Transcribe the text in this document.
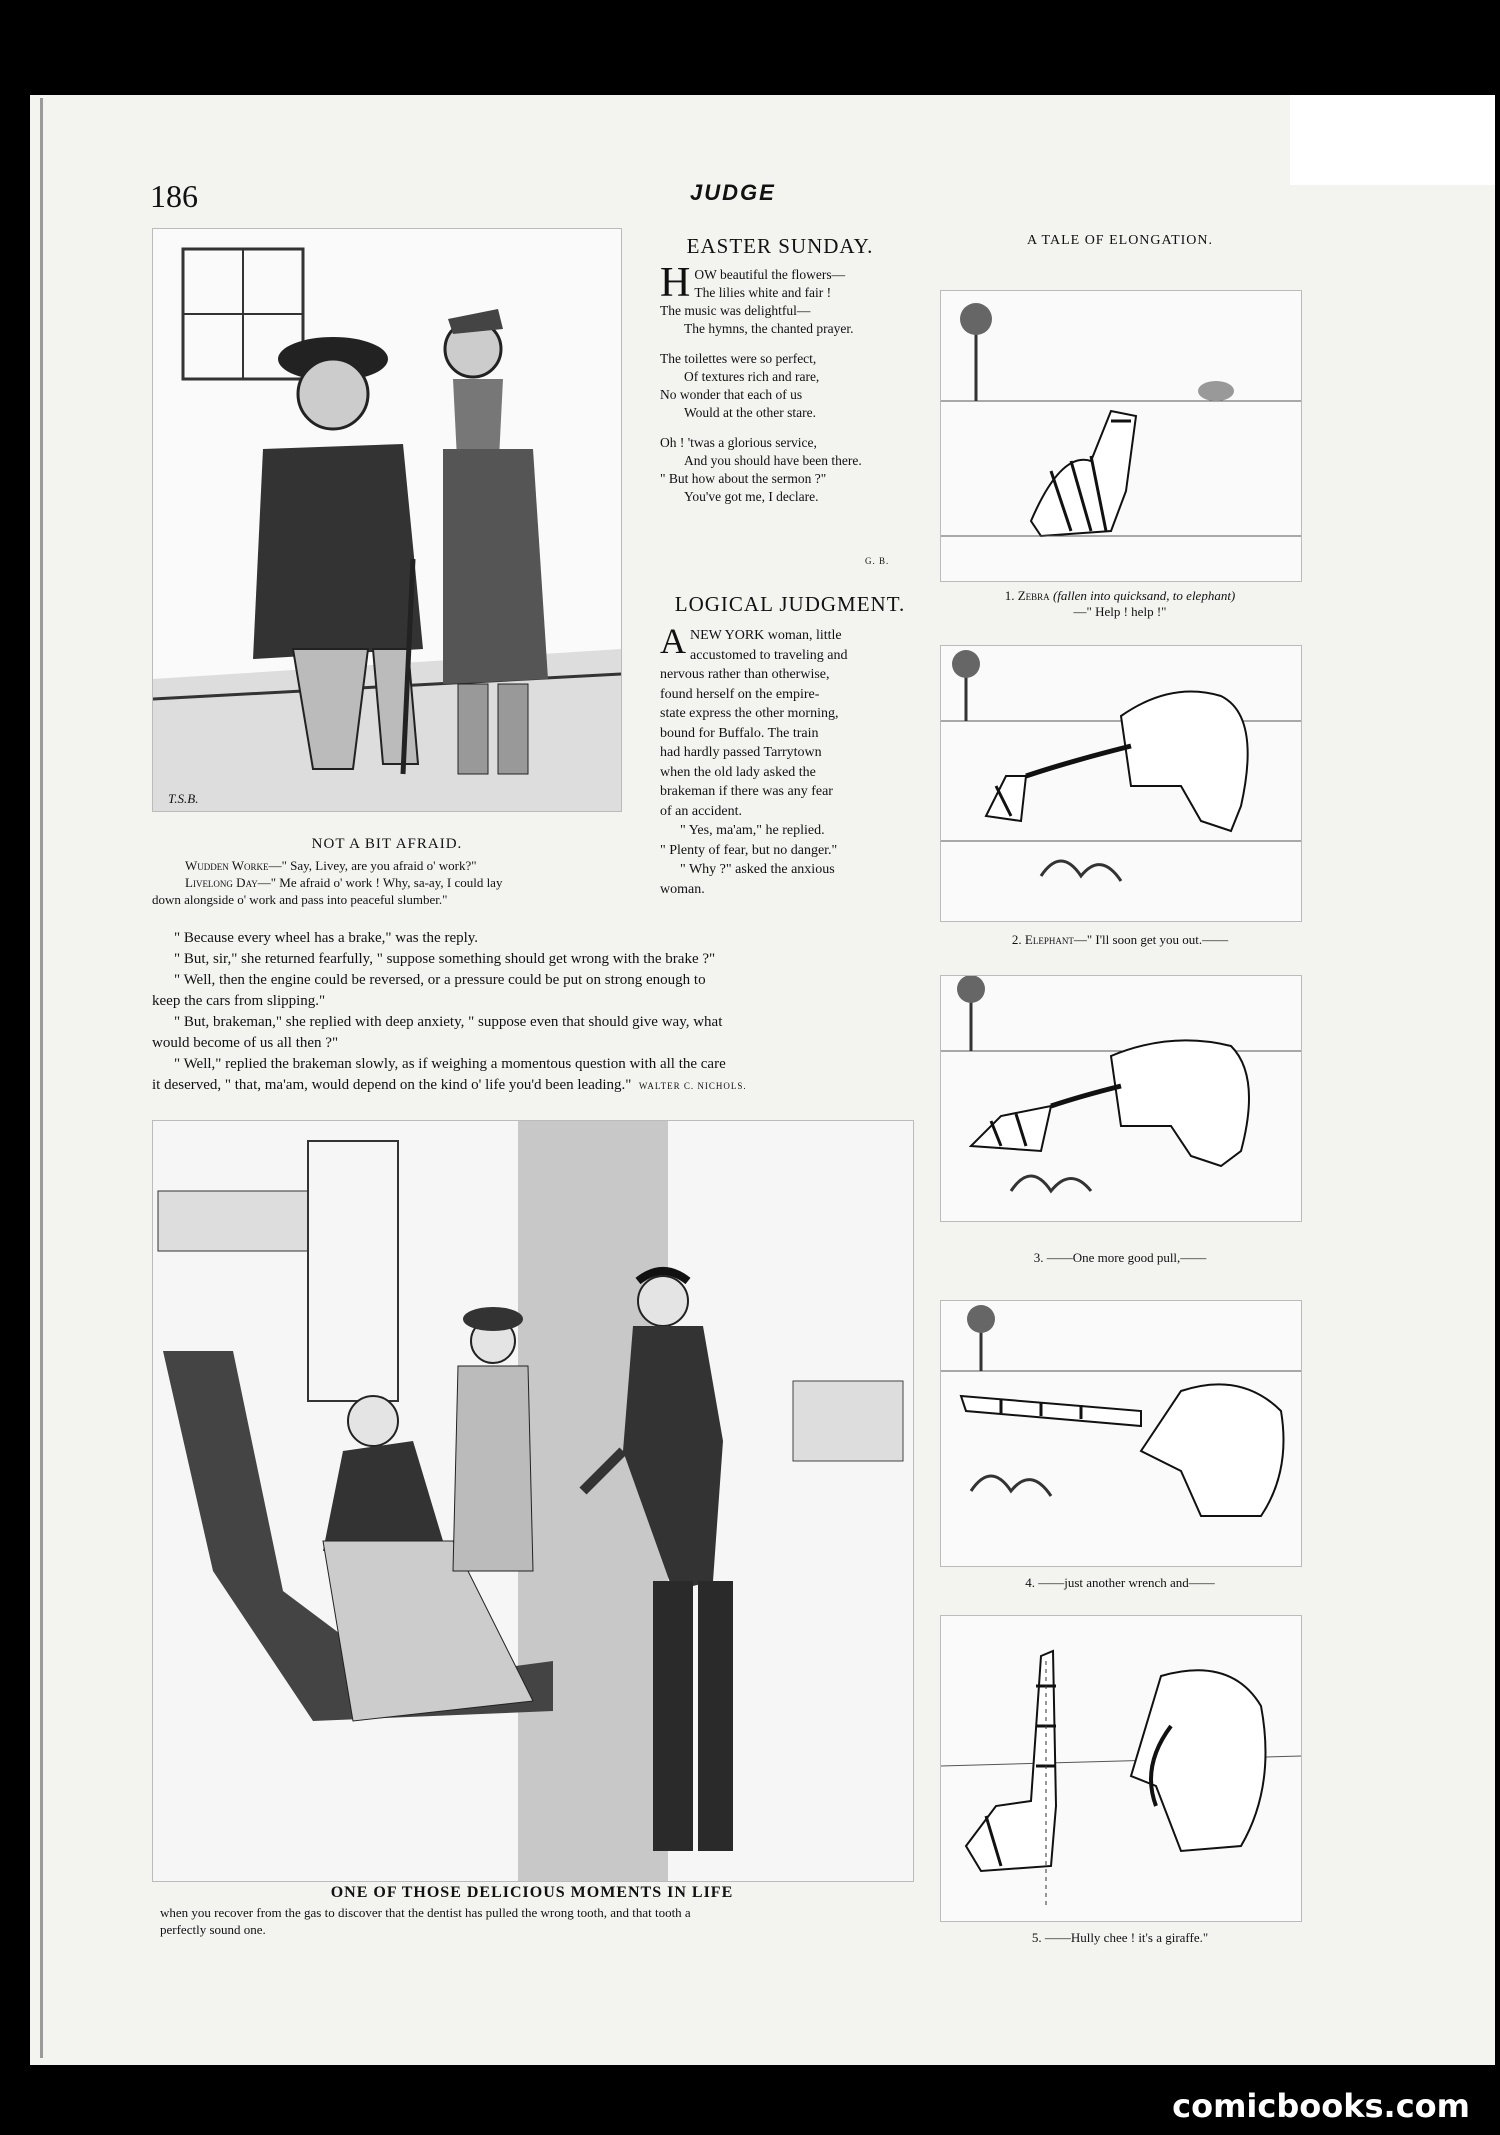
186	JUDGE
T.S.B.
NOT A BIT AFRAID.
Wudden Worke—" Say, Livey, are you afraid o' work?"
Livelong Day—" Me afraid o' work ! Why, sa-ay, I could lay
down alongside o' work and pass into peaceful slumber."
EASTER SUNDAY.
HOW beautiful the flowers—
The lilies white and fair !
The music was delightful—
The hymns, the chanted prayer.
The toilettes were so perfect,
Of textures rich and rare,
No wonder that each of us
Would at the other stare.
Oh ! 'twas a glorious service,
And you should have been there.
" But how about the sermon ?"
You've got me, I declare.
G. B.
LOGICAL JUDGMENT.
ANEW YORK woman, little
accustomed to traveling and
nervous rather than otherwise,
found herself on the empire-
state express the other morning,
bound for Buffalo. The train
had hardly passed Tarrytown
when the old lady asked the
brakeman if there was any fear
of an accident.
" Yes, ma'am," he replied.
" Plenty of fear, but no danger."
" Why ?" asked the anxious
woman.
" Because every wheel has a brake," was the reply.
" But, sir," she returned fearfully, " suppose something should get wrong with the brake ?"
" Well, then the engine could be reversed, or a pressure could be put on strong enough to
keep the cars from slipping."
" But, brakeman," she replied with deep anxiety, " suppose even that should give way, what
would become of us all then ?"
" Well," replied the brakeman slowly, as if weighing a momentous question with all the care
it deserved, " that, ma'am, would depend on the kind o' life you'd been leading." WALTER C. NICHOLS.
ONE OF THOSE DELICIOUS MOMENTS IN LIFE
when you recover from the gas to discover that the dentist has pulled the wrong tooth, and that tooth a
perfectly sound one.
A TALE OF ELONGATION.
1. Zebra (fallen into quicksand, to elephant)
—" Help ! help !"
2. Elephant—" I'll soon get you out.——
3. ——One more good pull,——
4. ——just another wrench and——
5. ——Hully chee ! it's a giraffe."
comicbooks.com
